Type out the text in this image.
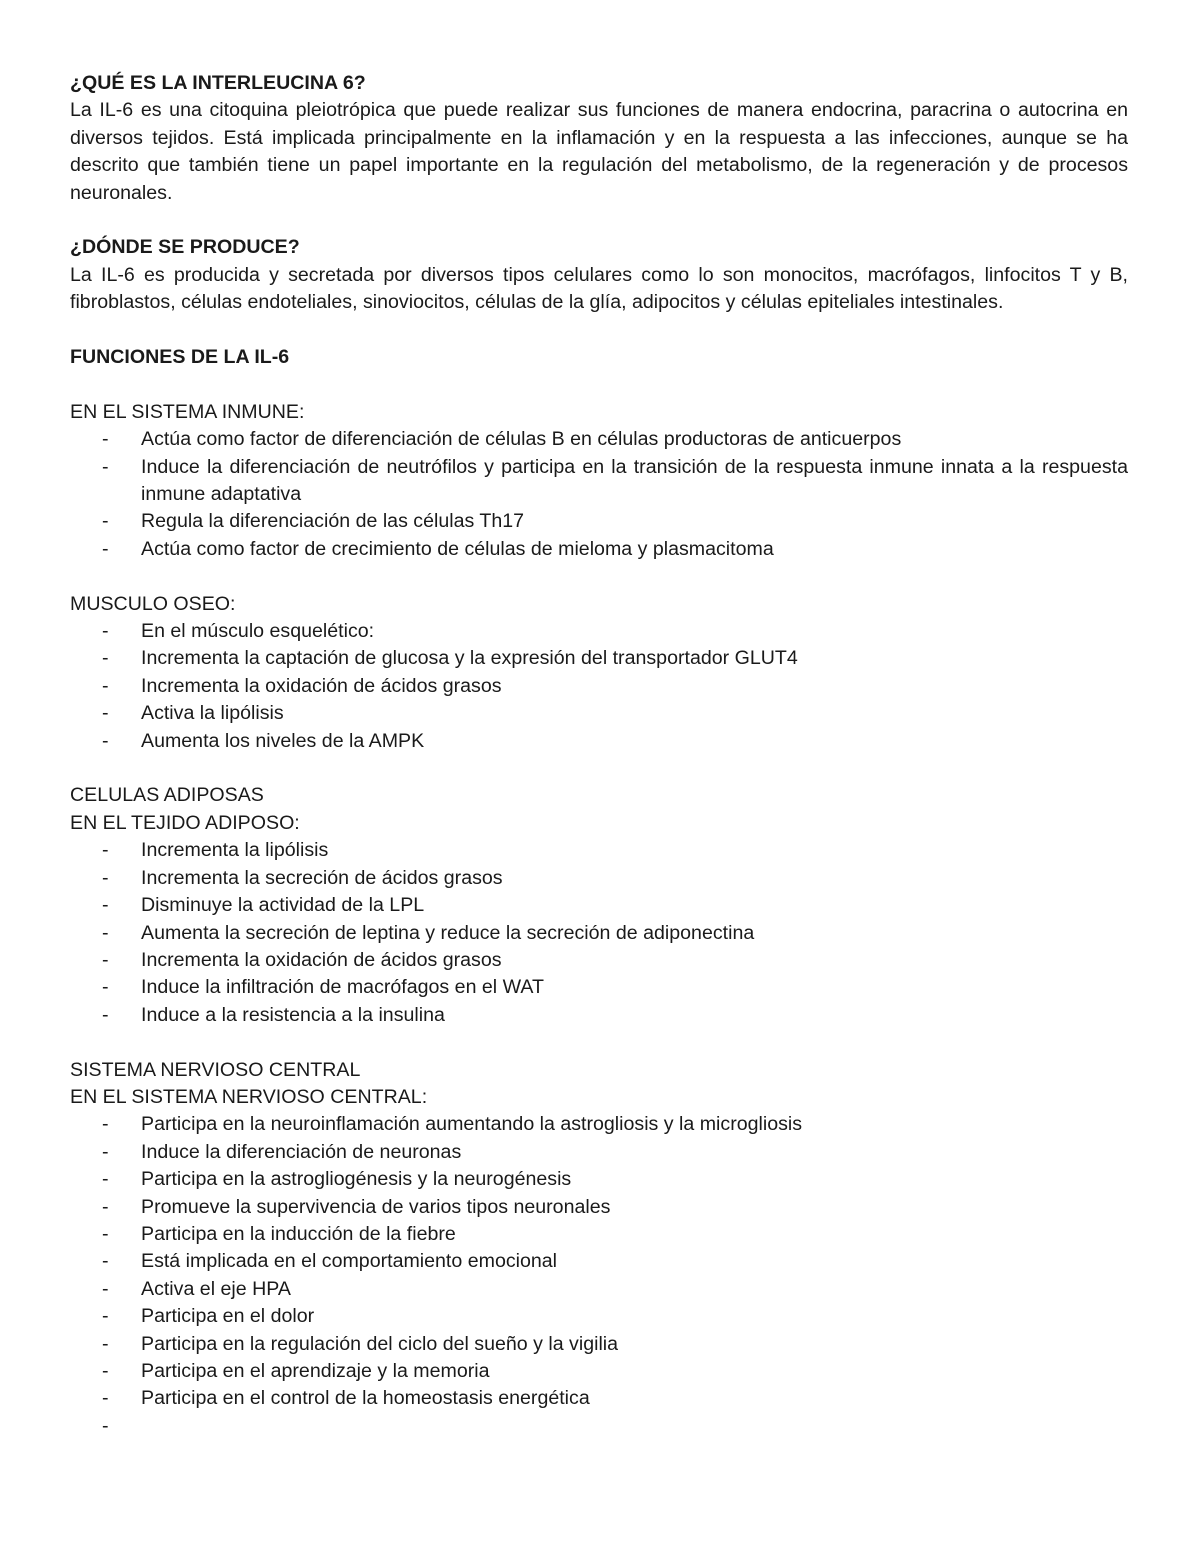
¿QUÉ ES LA INTERLEUCINA 6?

La IL-6 es una citoquina pleiotrópica que puede realizar sus funciones de manera endocrina, paracrina o autocrina en diversos tejidos. Está implicada principalmente en la inflamación y en la respuesta a las infecciones, aunque se ha descrito que también tiene un papel importante en la regulación del metabolismo, de la regeneración y de procesos neuronales.

¿DÓNDE SE PRODUCE?

La IL-6 es producida y secretada por diversos tipos celulares como lo son monocitos, macrófagos, linfocitos T y B, fibroblastos, células endoteliales, sinoviocitos, células de la glía, adipocitos y células epiteliales intestinales.

FUNCIONES DE LA IL-6

EN EL SISTEMA INMUNE:

- Actúa como factor de diferenciación de células B en células productoras de anticuerpos
- Induce la diferenciación de neutrófilos y participa en la transición de la respuesta inmune innata a la respuesta inmune adaptativa
- Regula la diferenciación de las células Th17
- Actúa como factor de crecimiento de células de mieloma y plasmacitoma

MUSCULO OSEO:

- En el músculo esquelético:
- Incrementa la captación de glucosa y la expresión del transportador GLUT4
- Incrementa la oxidación de ácidos grasos
- Activa la lipólisis
- Aumenta los niveles de la AMPK

CELULAS ADIPOSAS

EN EL TEJIDO ADIPOSO:

- Incrementa la lipólisis
- Incrementa la secreción de ácidos grasos
- Disminuye la actividad de la LPL
- Aumenta la secreción de leptina y reduce la secreción de adiponectina
- Incrementa la oxidación de ácidos grasos
- Induce la infiltración de macrófagos en el WAT
- Induce a la resistencia a la insulina

SISTEMA NERVIOSO CENTRAL

EN EL SISTEMA NERVIOSO CENTRAL:

- Participa en la neuroinflamación aumentando la astrogliosis y la microgliosis
- Induce la diferenciación de neuronas
- Participa en la astrogliogénesis y la neurogénesis
- Promueve la supervivencia de varios tipos neuronales
- Participa en la inducción de la fiebre
- Está implicada en el comportamiento emocional
- Activa el eje HPA
- Participa en el dolor
- Participa en la regulación del ciclo del sueño y la vigilia
- Participa en el aprendizaje y la memoria
- Participa en el control de la homeostasis energética
-
